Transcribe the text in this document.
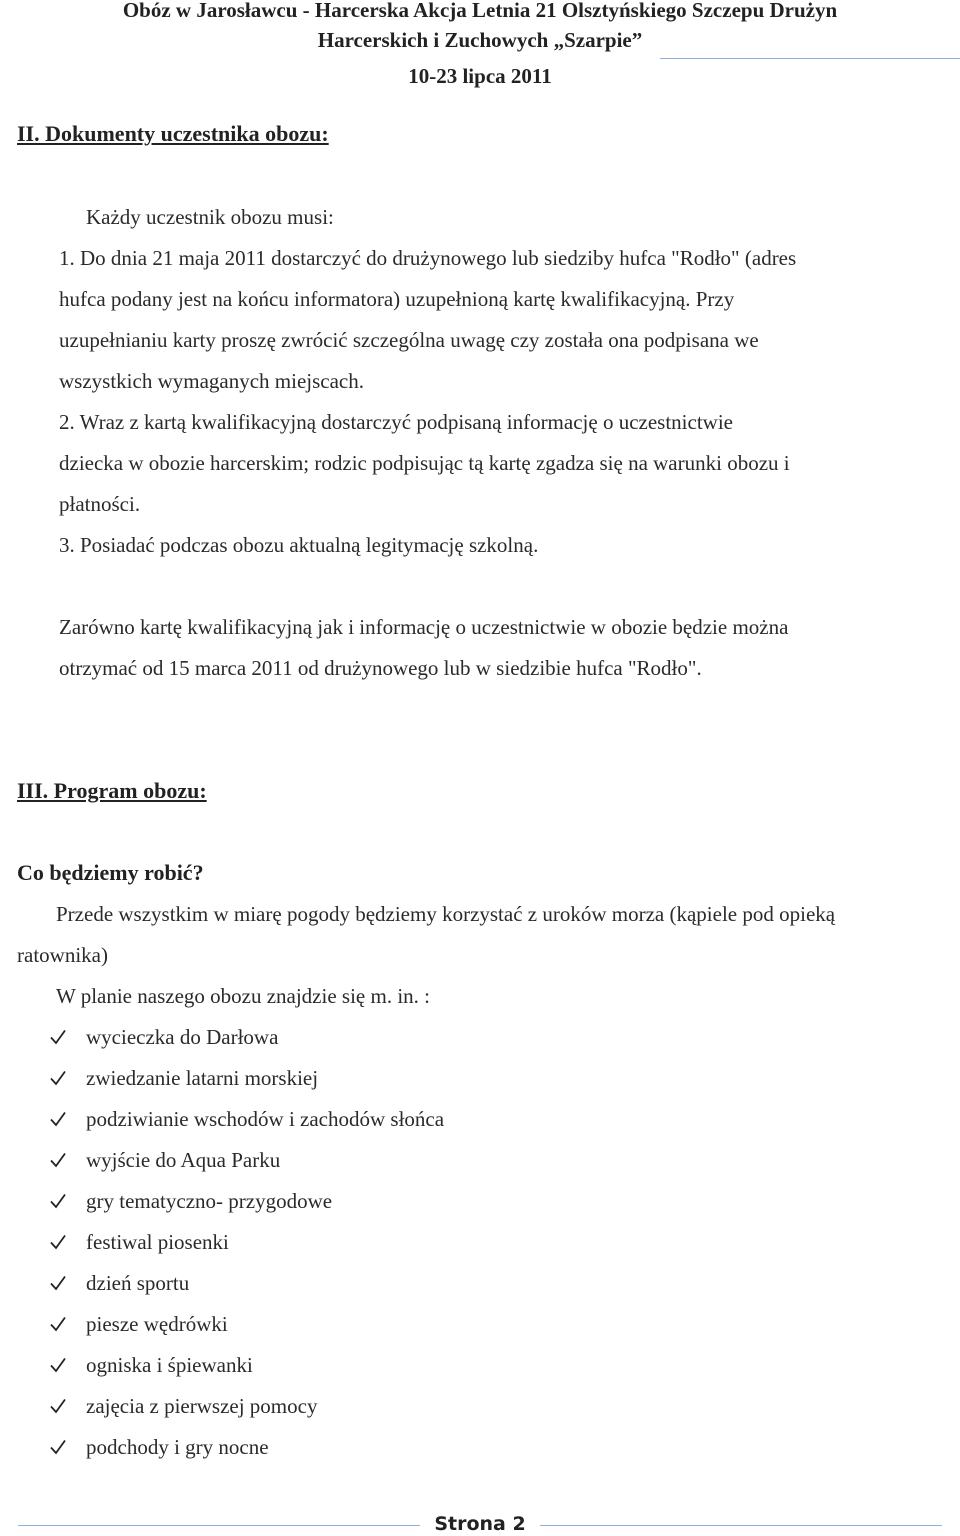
Obóz w Jarosławcu - Harcerska Akcja Letnia 21 Olsztyńskiego Szczepu Drużyn
Harcerskich i Zuchowych „Szarpie”
10-23 lipca 2011
II. Dokumenty uczestnika obozu:
Każdy uczestnik obozu musi:
1. Do dnia 21 maja 2011 dostarczyć do drużynowego lub siedziby hufca "Rodło" (adres
hufca podany jest na końcu informatora) uzupełnioną kartę kwalifikacyjną. Przy
uzupełnianiu karty proszę zwrócić szczególna uwagę czy została ona podpisana we
wszystkich wymaganych miejscach.
2. Wraz z kartą kwalifikacyjną dostarczyć podpisaną informację o uczestnictwie
dziecka w obozie harcerskim; rodzic podpisując tą kartę zgadza się na warunki obozu i
płatności.
3. Posiadać podczas obozu aktualną legitymację szkolną.
Zarówno kartę kwalifikacyjną jak i informację o uczestnictwie w obozie będzie można
otrzymać od 15 marca 2011 od drużynowego lub w siedzibie hufca "Rodło".
III. Program obozu:
Co będziemy robić?
Przede wszystkim w miarę pogody będziemy korzystać z uroków morza (kąpiele pod opieką
ratownika)
W planie naszego obozu znajdzie się m. in. :
wycieczka do Darłowa
zwiedzanie latarni morskiej
podziwianie wschodów i zachodów słońca
wyjście do Aqua Parku
gry tematyczno- przygodowe
festiwal piosenki
dzień sportu
piesze wędrówki
ogniska i śpiewanki
zajęcia z pierwszej pomocy
podchody i gry nocne
Strona 2
